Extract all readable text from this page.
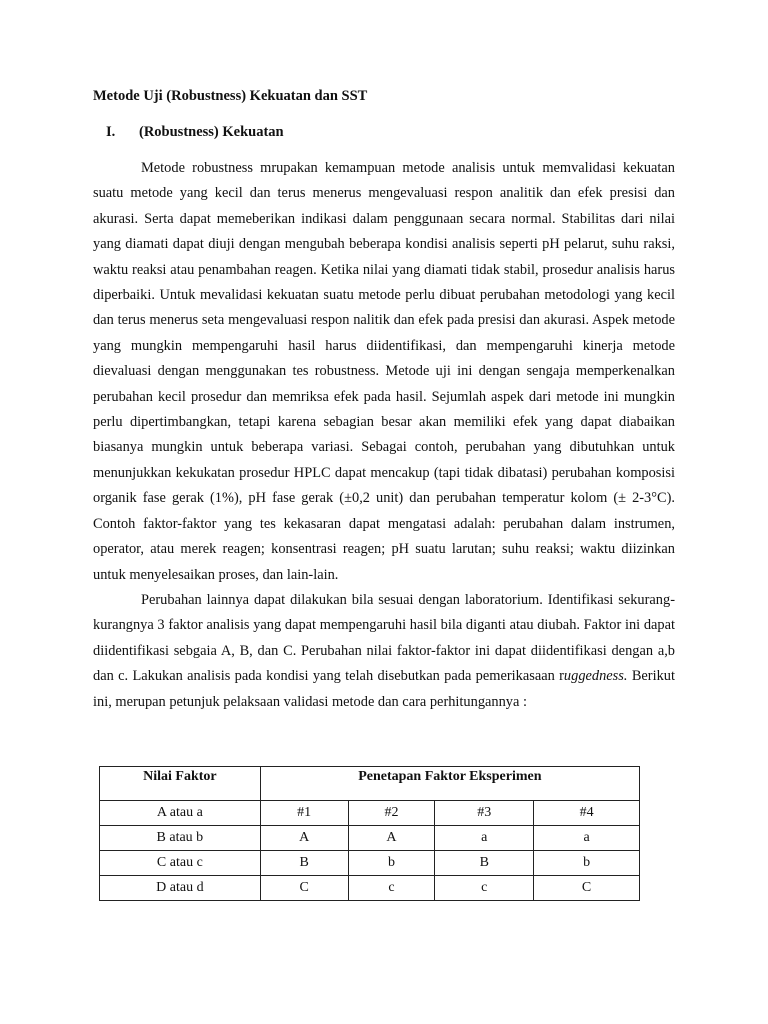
Metode Uji (Robustness) Kekuatan dan SST
I. (Robustness) Kekuatan

Metode robustness mrupakan kemampuan metode analisis untuk memvalidasi kekuatan suatu metode yang kecil dan terus menerus mengevaluasi respon analitik dan efek presisi dan akurasi. Serta dapat memeberikan indikasi dalam penggunaan secara normal. Stabilitas dari nilai yang diamati dapat diuji dengan mengubah beberapa kondisi analisis seperti pH pelarut, suhu raksi, waktu reaksi atau penambahan reagen. Ketika nilai yang diamati tidak stabil, prosedur analisis harus diperbaiki. Untuk mevalidasi kekuatan suatu metode perlu dibuat perubahan metodologi yang kecil dan terus menerus seta mengevaluasi respon nalitik dan efek pada presisi dan akurasi. Aspek metode yang mungkin mempengaruhi hasil harus diidentifikasi, dan mempengaruhi kinerja metode dievaluasi dengan menggunakan tes robustness. Metode uji ini dengan sengaja memperkenalkan perubahan kecil prosedur dan memriksa efek pada hasil. Sejumlah aspek dari metode ini mungkin perlu dipertimbangkan, tetapi karena sebagian besar akan memiliki efek yang dapat diabaikan biasanya mungkin untuk beberapa variasi. Sebagai contoh, perubahan yang dibutuhkan untuk menunjukkan kekukatan prosedur HPLC dapat mencakup (tapi tidak dibatasi) perubahan komposisi organik fase gerak (1%), pH fase gerak (±0,2 unit) dan perubahan temperatur kolom (± 2-3°C). Contoh faktor-faktor yang tes kekasaran dapat mengatasi adalah: perubahan dalam instrumen, operator, atau merek reagen; konsentrasi reagen; pH suatu larutan; suhu reaksi; waktu diizinkan untuk menyelesaikan proses, dan lain-lain.

Perubahan lainnya dapat dilakukan bila sesuai dengan laboratorium. Identifikasi sekurang-kurangnya 3 faktor analisis yang dapat mempengaruhi hasil bila diganti atau diubah. Faktor ini dapat diidentifikasi sebgaia A, B, dan C. Perubahan nilai faktor-faktor ini dapat diidentifikasi dengan a,b dan c. Lakukan analisis pada kondisi yang telah disebutkan pada pemerikasaan ruggedness. Berikut ini, merupan petunjuk pelaksaan validasi metode dan cara perhitungannya :

Nilai Faktor	Penetapan Faktor Eksperimen			
A atau a	#1	#2	#3	#4
B atau b	A	A	a	a
C atau c	B	b	B	b
D atau d	C	c	c	C
